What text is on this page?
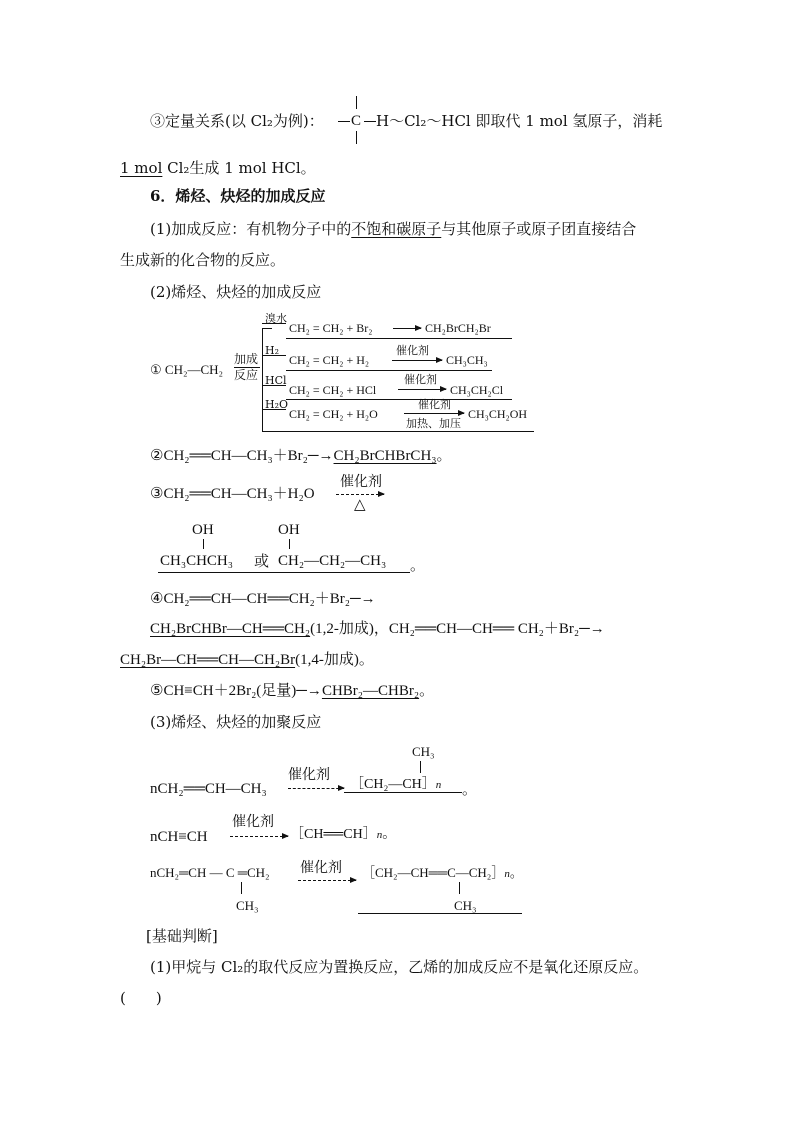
③定量关系(以 Cl₂为例)： C H～Cl₂～HCl 即取代 1 mol 氢原子，消耗
1 mol Cl₂生成 1 mol HCl。
6．烯烃、炔烃的加成反应
(1)加成反应：有机物分子中的不饱和碳原子与其他原子或原子团直接结合
生成新的化合物的反应。
(2)烯烃、炔烃的加成反应
① CH₂—CH₂
加成
反应
溴水
CH₂ = CH₂ + Br₂	CH₂BrCH₂Br
H₂
CH₂ = CH₂ + H₂
催化剂
CH₃CH₃
HCl
CH₂ = CH₂ + HCl
催化剂
CH₃CH₂Cl
H₂O
CH₂ = CH₂ + H₂O
催化剂
加热、加压
CH₃CH₂OH
②CH₂══CH—CH₃＋Br₂─→CH₂BrCHBrCH₃。
③CH₂══CH—CH₃＋H₂O
催化剂
△
OH
CH₃CHCH₃ 或
OH
CH₂—CH₂—CH₃ 。
④CH₂══CH—CH══CH₂＋Br₂─→
CH₂BrCHBr—CH══CH₂(1,2-加成)，CH₂══CH—CH══ CH₂＋Br₂─→
CH₂Br—CH══CH—CH₂Br(1,4-加成)。
⑤CH≡CH＋2Br₂(足量)─→CHBr₂—CHBr₂。
(3)烯烃、炔烃的加聚反应
nCH₂══CH—CH₃
催化剂
CH₃
［CH₂—CH］n 。
nCH≡CH
催化剂
［CH══CH］n。
nCH₂═CH — C ═CH₂
CH₃
催化剂 ［CH₂—CH══C—CH₂］n。
CH₃
[基础判断]
(1)甲烷与 Cl₂的取代反应为置换反应，乙烯的加成反应不是氧化还原反应。
(　　)
